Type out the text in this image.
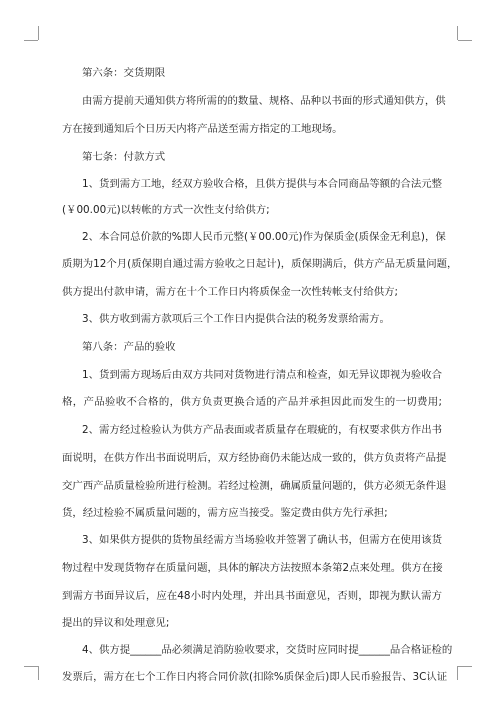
第六条：交货期限
由需方提前天通知供方将所需的的数量、规格、品种以书面的形式通知供方，供
方在接到通知后个日历天内将产品送至需方指定的工地现场。
第七条：付款方式
1、货到需方工地，经双方验收合格，且供方提供与本合同商品等额的合法元整
(￥00.00元)以转帐的方式一次性支付给供方;
2、本合同总价款的%即人民币元整(￥00.00元)作为保质金(质保金无利息)，保
质期为12个月(质保期自通过需方验收之日起计)，质保期满后，供方产品无质量问题，
供方提出付款申请，需方在十个工作日内将质保金一次性转帐支付给供方;
3、供方收到需方款项后三个工作日内提供合法的税务发票给需方。
第八条：产品的验收
1、货到需方现场后由双方共同对货物进行清点和检查，如无异议即视为验收合
格，产品验收不合格的，供方负责更换合适的产品并承担因此而发生的一切费用;
2、需方经过检验认为供方产品表面或者质量存在瑕疵的，有权要求供方作出书
面说明，在供方作出书面说明后，双方经协商仍未能达成一致的，供方负责将产品提
交广西产品质量检验所进行检测。若经过检测，确属质量问题的，供方必须无条件退
货，经过检验不属质量问题的，需方应当接受。鉴定费由供方先行承担;
3、如果供方提供的货物虽经需方当场验收并签署了确认书，但需方在使用该货
物过程中发现货物存在质量问题，具体的解决方法按照本条第2点来处理。供方在接
到需方书面异议后，应在48小时内处理，并出具书面意见，否则，即视为默认需方
提出的异议和处理意见;
4、供方提______品必须满足消防验收要求，交货时应同时提______品合格证检的
发票后，需方在七个工作日内将合同价款(扣除%质保金后)即人民币验报告、3C认证
